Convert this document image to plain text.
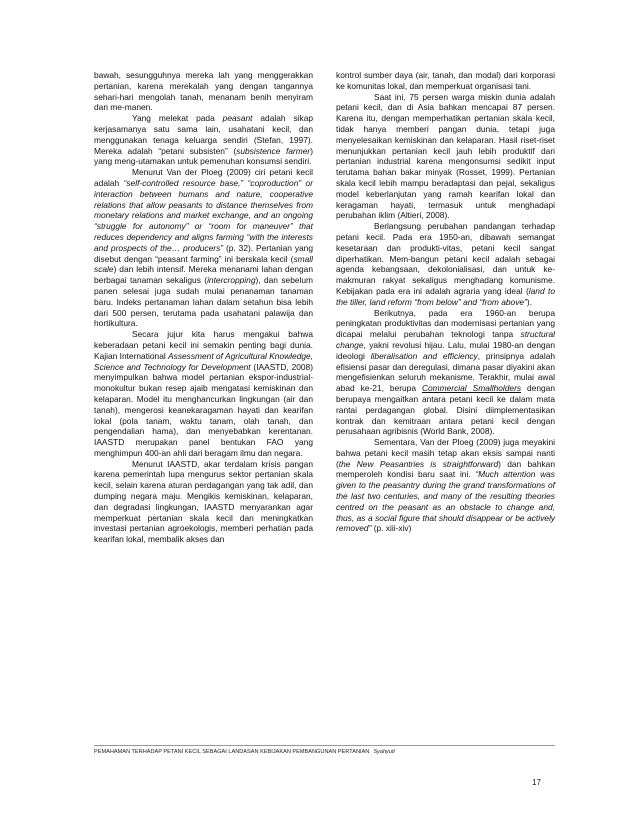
bawah, sesungguhnya mereka lah yang menggerakkan pertanian, karena merekalah yang dengan tangannya sehari-hari mengolah tanah, menanam benih menyiram dan me-manen.

Yang melekat pada peasant adalah sikap kerjasamanya satu sama lain, usahatani kecil, dan menggunakan tenaga keluarga sendiri (Stefan, 1997). Mereka adalah “petani subsisten” (subsistence farmer) yang meng-utamakan untuk pemenuhan konsumsi sendiri.

Menurut Van der Ploeg (2009) ciri petani kecil adalah “self-controlled resource base,” “coproduction” or interaction between humans and nature, cooperative relations that allow peasants to distance themselves from monetary relations and market exchange, and an ongoing “struggle for autonomy” or “room for maneuver” that reduces dependency and aligns farming “with the interests and prospects of the… producers” (p. 32). Pertanian yang disebut dengan “peasant farming” ini berskala kecil (small scale) dan lebih intensif. Mereka menanami lahan dengan berbagai tanaman sekaligus (intercropping), dan sebelum panen selesai juga sudah mulai penanaman tanaman baru. Indeks pertanaman lahan dalam setahun bisa lebih dari 500 persen, terutama pada usahatani palawija dan hortikultura.

Secara jujur kita harus mengakui bahwa keberadaan petani kecil ini semakin penting bagi dunia. Kajian International Assessment of Agricultural Knowledge, Science and Technology for Development (IAASTD, 2008) menyimpulkan bahwa model pertanian ekspor-industrial-monokultur bukan resep ajaib mengatasi kemiskinan dan kelaparan. Model itu menghancurkan lingkungan (air dan tanah), mengerosi keanekaragaman hayati dan kearifan lokal (pola tanam, waktu tanam, olah tanah, dan pengendalian hama), dan menyebabkan kerentanan. IAASTD merupakan panel bentukan FAO yang menghimpun 400-an ahli dari beragam ilmu dan negara.

Menurut IAASTD, akar terdalam krisis pangan karena pemerintah lupa mengurus sektor pertanian skala kecil, selain karena aturan perdagangan yang tak adil, dan dumping negara maju. Mengikis kemiskinan, kelaparan, dan degradasi lingkungan, IAASTD menyarankan agar memperkuat pertanian skala kecil dan meningkatkan investasi pertanian agroekologis, memberi perhatian pada kearifan lokal, membalik akses dan

kontrol sumber daya (air, tanah, dan modal) dari korporasi ke komunitas lokal, dan memperkuat organisasi tani.

Saat ini, 75 persen warga miskin dunia adalah petani kecil, dan di Asia bahkan mencapai 87 persen. Karena itu, dengan memperhatikan pertanian skala kecil, tidak hanya memberi pangan dunia, tetapi juga menyelesaikan kemiskinan dan kelaparan. Hasil riset-riset menunjukkan pertanian kecil jauh lebih produktif dari pertanian industrial karena mengonsumsi sedikit input terutama bahan bakar minyak (Rosset, 1999). Pertanian skala kecil lebih mampu beradaptasi dan pejal, sekaligus model keberlanjutan yang ramah kearifan lokal dan keragaman hayati, termasuk untuk menghadapi perubahan iklim (Altieri, 2008).

Berlangsung perubahan pandangan terhadap petani kecil. Pada era 1950-an, dibawah semangat kesetaraan dan produkti-vitas, petani kecil sangat diperhatikan. Mem-bangun petani kecil adalah sebagai agenda kebangsaan, dekolonialisasi, dan untuk ke-makmuran rakyat sekaligus menghadang komunisme. Kebijakan pada era ini adalah agraria yang ideal (land to the tiller, land reform “from below” and “from above”).

Berikutnya, pada era 1960-an berupa peningkatan produktivitas dan modernisasi pertanian yang dicapai melalui perubahan teknologi tanpa structural change, yakni revolusi hijau. Lalu, mulai 1980-an dengan ideologi liberalisation and efficiency, prinsipnya adalah efisiensi pasar dan deregulasi, dimana pasar diyakini akan mengefisienkan seluruh mekanisme. Terakhir, mulai awal abad ke-21, berupa Commercial Smallholders dengan berupaya mengaitkan antara petani kecil ke dalam mata rantai perdagangan global. Disini diimplementasikan kontrak dan kemitraan antara petani kecil dengan perusahaan agribisnis (World Bank, 2008).

Sementara, Van der Ploeg (2009) juga meyakini bahwa petani kecil masih tetap akan eksis sampai nanti (the New Peasantries is straightforward) dan bahkan memperoleh kondisi baru saat ini. “Much attention was given to the peasantry during the grand transformations of the last two centuries, and many of the resulting theories centred on the peasant as an obstacle to change and, thus, as a social figure that should disappear or be actively removed” (p. xiii-xiv)

PEMAHAMAN TERHADAP PETANI KECIL SEBAGAI LANDASAN KEBIJAKAN PEMBANGUNAN PERTANIAN Syahyuti
17
